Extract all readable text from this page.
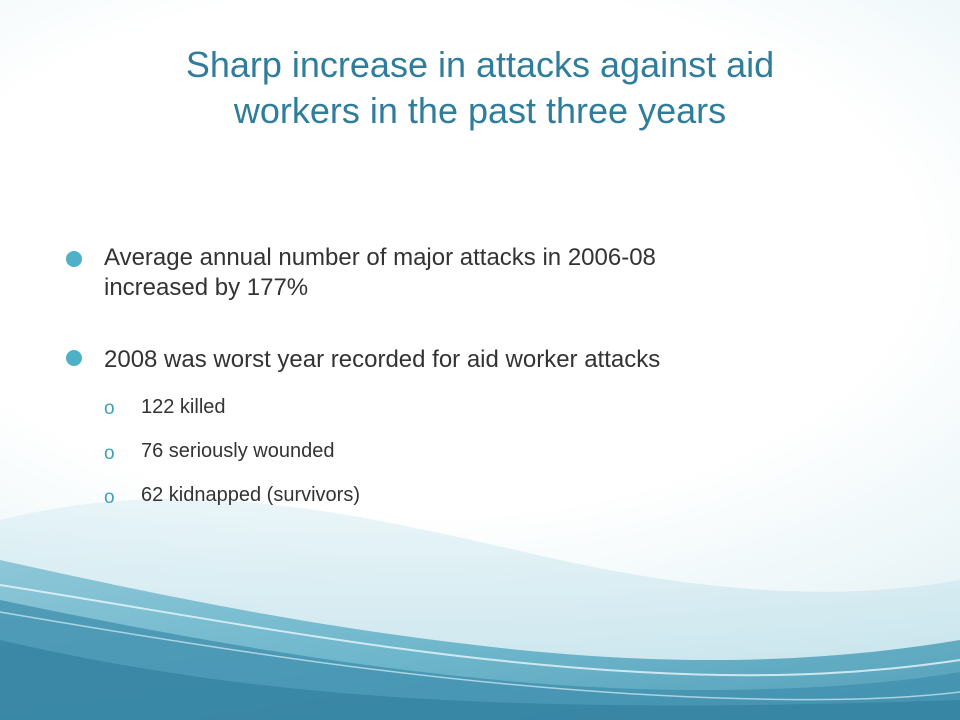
Sharp increase in attacks against aid
workers in the past three years
Average annual number of major attacks in 2006-08
increased by 177%
2008 was worst year recorded for aid worker attacks
o 122 killed
o 76 seriously wounded
o 62 kidnapped (survivors)
